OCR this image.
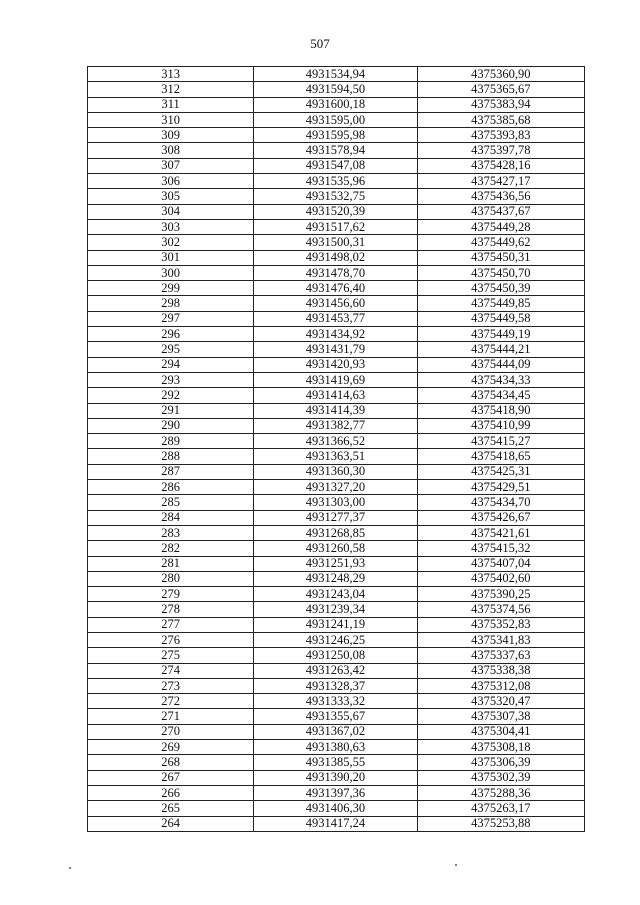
507
313	4931534,94	4375360,90
312	4931594,50	4375365,67
311	4931600,18	4375383,94
310	4931595,00	4375385,68
309	4931595,98	4375393,83
308	4931578,94	4375397,78
307	4931547,08	4375428,16
306	4931535,96	4375427,17
305	4931532,75	4375436,56
304	4931520,39	4375437,67
303	4931517,62	4375449,28
302	4931500,31	4375449,62
301	4931498,02	4375450,31
300	4931478,70	4375450,70
299	4931476,40	4375450,39
298	4931456,60	4375449,85
297	4931453,77	4375449,58
296	4931434,92	4375449,19
295	4931431,79	4375444,21
294	4931420,93	4375444,09
293	4931419,69	4375434,33
292	4931414,63	4375434,45
291	4931414,39	4375418,90
290	4931382,77	4375410,99
289	4931366,52	4375415,27
288	4931363,51	4375418,65
287	4931360,30	4375425,31
286	4931327,20	4375429,51
285	4931303,00	4375434,70
284	4931277,37	4375426,67
283	4931268,85	4375421,61
282	4931260,58	4375415,32
281	4931251,93	4375407,04
280	4931248,29	4375402,60
279	4931243,04	4375390,25
278	4931239,34	4375374,56
277	4931241,19	4375352,83
276	4931246,25	4375341,83
275	4931250,08	4375337,63
274	4931263,42	4375338,38
273	4931328,37	4375312,08
272	4931333,32	4375320,47
271	4931355,67	4375307,38
270	4931367,02	4375304,41
269	4931380,63	4375308,18
268	4931385,55	4375306,39
267	4931390,20	4375302,39
266	4931397,36	4375288,36
265	4931406,30	4375263,17
264	4931417,24	4375253,88
